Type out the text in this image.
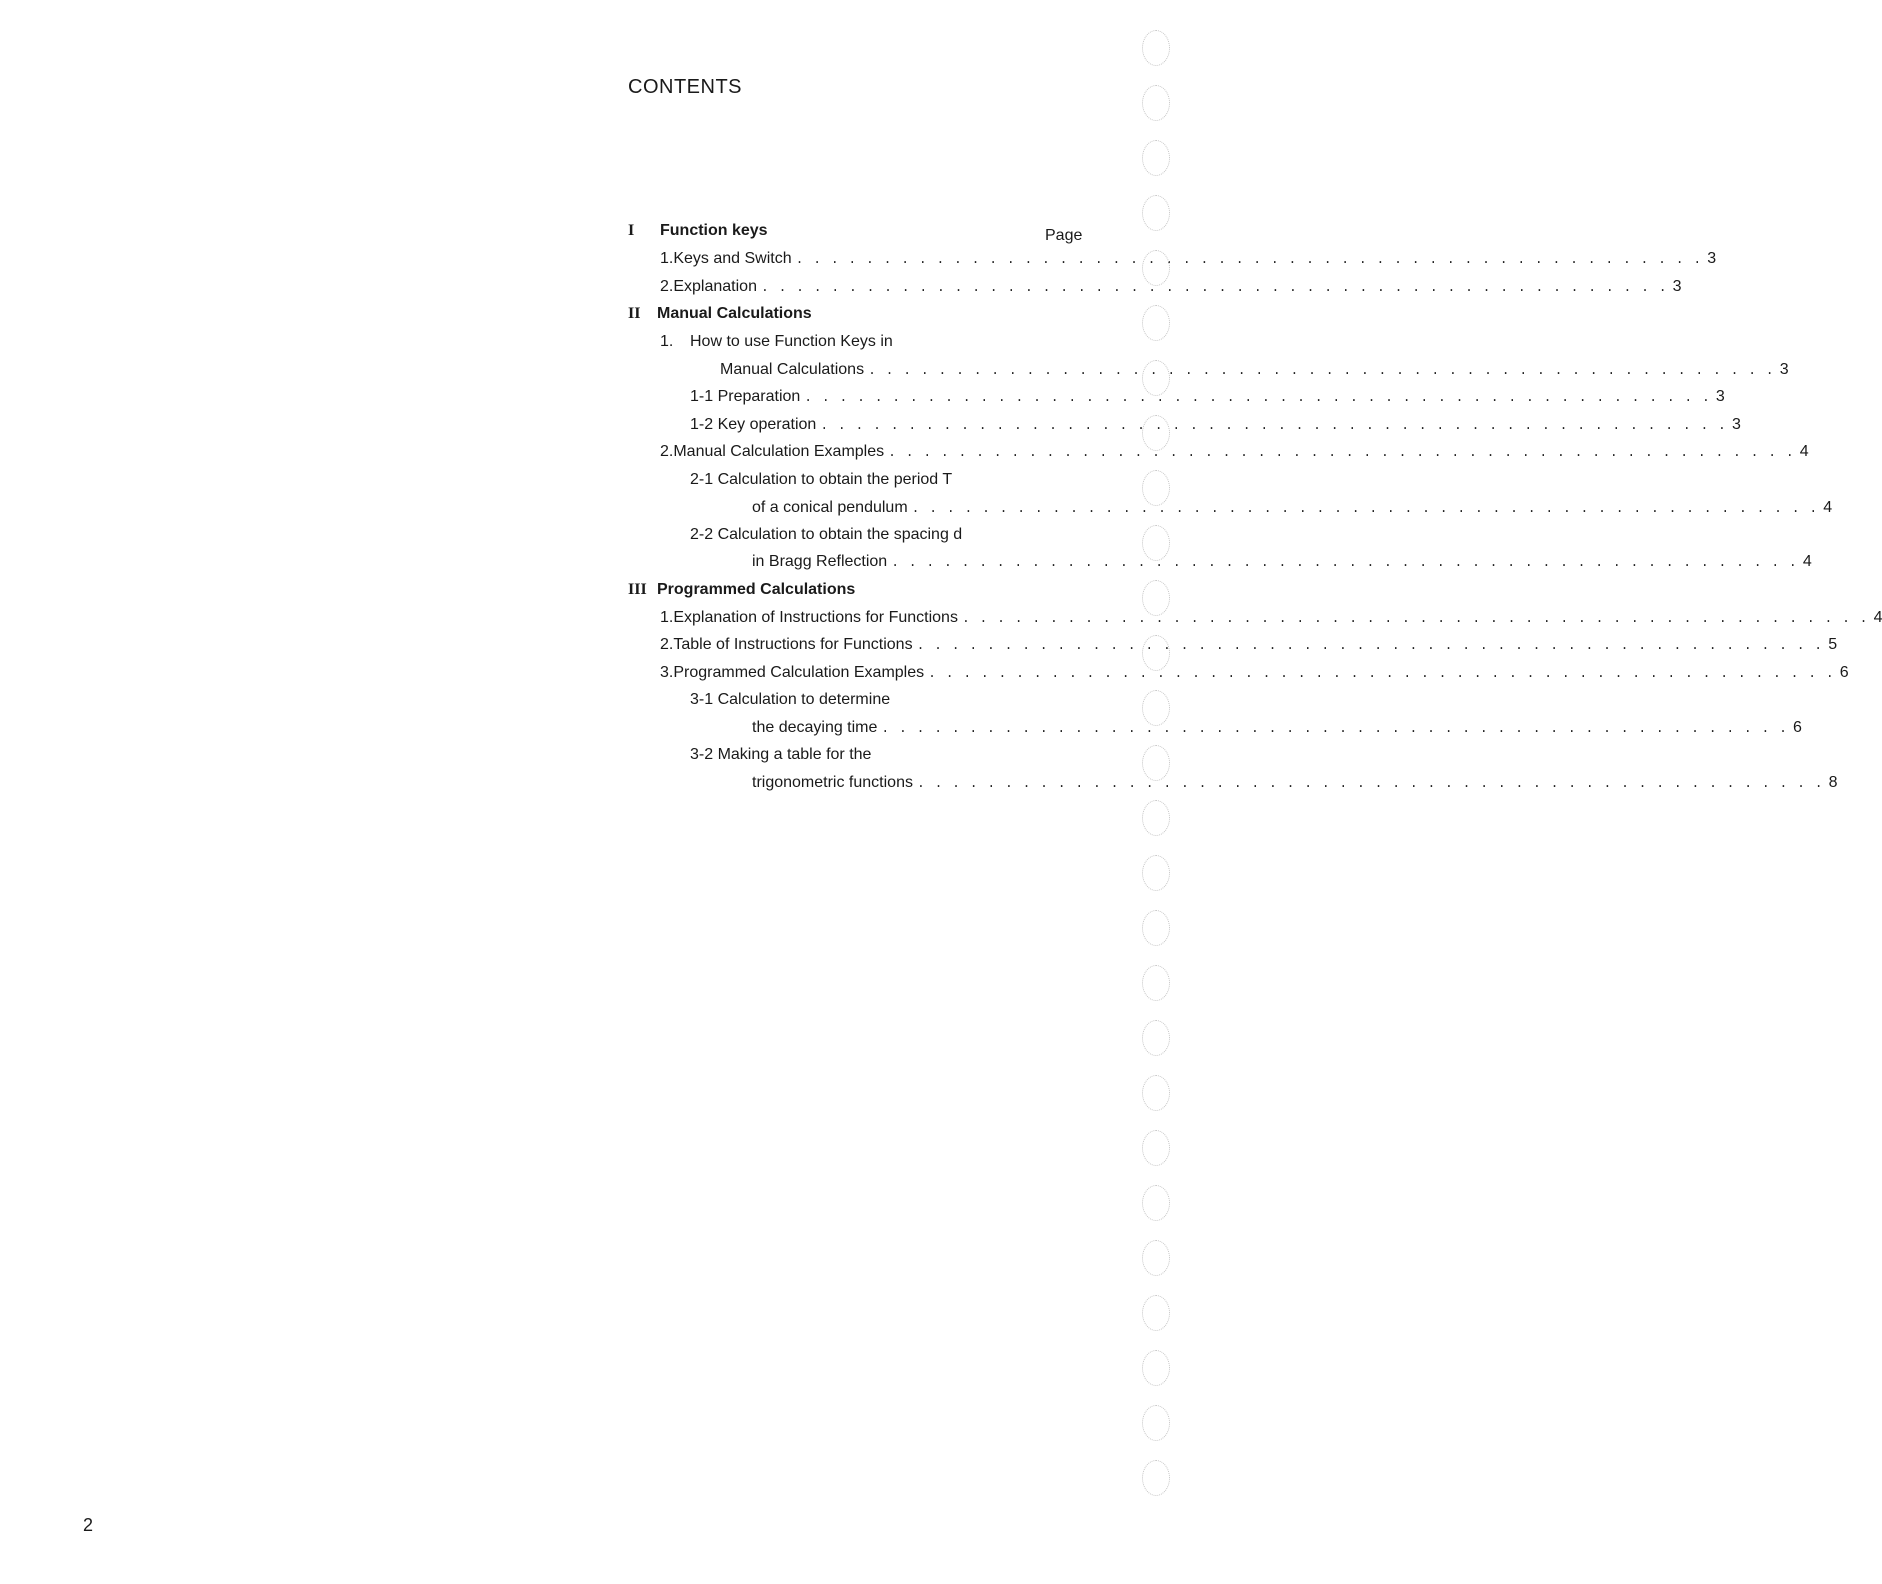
CONTENTS
Page
I	Function keys
1. Keys and Switch . . . . . . . . . . . . . . . . . . . . . . . . . . . . . . . . . . . . . . . . . . . . . . . . . . . . 3
2. Explanation . . . . . . . . . . . . . . . . . . . . . . . . . . . . . . . . . . . . . . . . . . . . . . . . . . . . 3
II	Manual Calculations
1. How to use Function Keys in
Manual Calculations . . . . . . . . . . . . . . . . . . . . . . . . . . . . . . . . . . . . . . . . . . . . . . . . . . . . 3
1-1 Preparation . . . . . . . . . . . . . . . . . . . . . . . . . . . . . . . . . . . . . . . . . . . . . . . . . . . . 3
1-2 Key operation . . . . . . . . . . . . . . . . . . . . . . . . . . . . . . . . . . . . . . . . . . . . . . . . . . . . 3
2. Manual Calculation Examples . . . . . . . . . . . . . . . . . . . . . . . . . . . . . . . . . . . . . . . . . . . . . . . . . . . . 4
2-1 Calculation to obtain the period T
of a conical pendulum . . . . . . . . . . . . . . . . . . . . . . . . . . . . . . . . . . . . . . . . . . . . . . . . . . . . 4
2-2 Calculation to obtain the spacing d
in Bragg Reflection . . . . . . . . . . . . . . . . . . . . . . . . . . . . . . . . . . . . . . . . . . . . . . . . . . . . 4
III Programmed Calculations
1. Explanation of Instructions for Functions . . . . . . . . . . . . . . . . . . . . . . . . . . . . . . . . . . . . . . . . . . . . . . . . . . . . 4
2. Table of Instructions for Functions . . . . . . . . . . . . . . . . . . . . . . . . . . . . . . . . . . . . . . . . . . . . . . . . . . . . 5
3. Programmed Calculation Examples . . . . . . . . . . . . . . . . . . . . . . . . . . . . . . . . . . . . . . . . . . . . . . . . . . . . 6
3-1 Calculation to determine
the decaying time . . . . . . . . . . . . . . . . . . . . . . . . . . . . . . . . . . . . . . . . . . . . . . . . . . . . 6
3-2 Making a table for the
trigonometric functions . . . . . . . . . . . . . . . . . . . . . . . . . . . . . . . . . . . . . . . . . . . . . . . . . . . . 8
2
